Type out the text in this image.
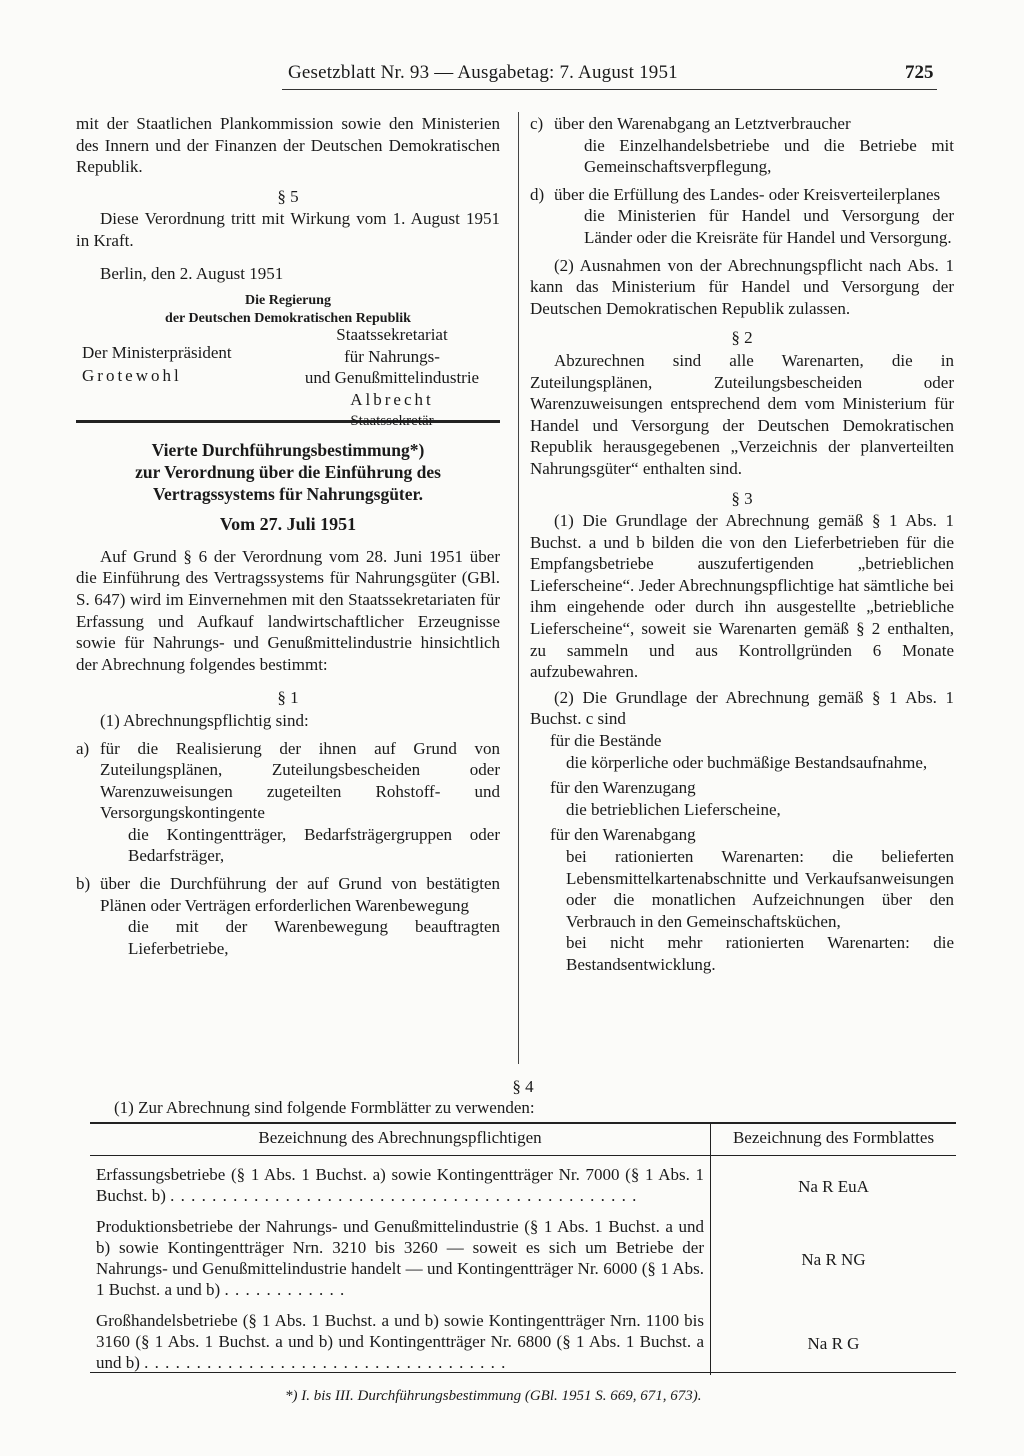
Gesetzblatt Nr. 93 — Ausgabetag: 7. August 1951	725

mit der Staatlichen Plankommission sowie den Ministerien des Innern und der Finanzen der Deutschen Demokratischen Republik.

§ 5

Diese Verordnung tritt mit Wirkung vom 1. August 1951 in Kraft.

Berlin, den 2. August 1951

Die Regierung
der Deutschen Demokratischen Republik
Der Ministerpräsident
Grotewohl
Staatssekretariat
für Nahrungs-
und Genußmittelindustrie
Albrecht
Staatssekretär
Vierte Durchführungsbestimmung*)
zur Verordnung über die Einführung des
Vertragssystems für Nahrungsgüter.
Vom 27. Juli 1951

Auf Grund § 6 der Verordnung vom 28. Juni 1951 über die Einführung des Vertragssystems für Nahrungsgüter (GBl. S. 647) wird im Einvernehmen mit den Staatssekretariaten für Erfassung und Aufkauf landwirtschaftlicher Erzeugnisse sowie für Nahrungs- und Genußmittelindustrie hinsichtlich der Abrechnung folgendes bestimmt:

§ 1

(1) Abrechnungspflichtig sind:

a) für die Realisierung der ihnen auf Grund von Zuteilungsplänen, Zuteilungsbescheiden oder Warenzuweisungen zugeteilten Rohstoff- und Versorgungskontingente

die Kontingentträger, Bedarfsträgergruppen oder Bedarfsträger,

b) über die Durchführung der auf Grund von bestätigten Plänen oder Verträgen erforderlichen Warenbewegung

die mit der Warenbewegung beauftragten Lieferbetriebe,

c) über den Warenabgang an Letztverbraucher

die Einzelhandelsbetriebe und die Betriebe mit Gemeinschaftsverpflegung,

d) über die Erfüllung des Landes- oder Kreisverteilerplanes

die Ministerien für Handel und Versorgung der Länder oder die Kreisräte für Handel und Versorgung.

(2) Ausnahmen von der Abrechnungspflicht nach Abs. 1 kann das Ministerium für Handel und Versorgung der Deutschen Demokratischen Republik zulassen.

§ 2

Abzurechnen sind alle Warenarten, die in Zuteilungsplänen, Zuteilungsbescheiden oder Warenzuweisungen entsprechend dem vom Ministerium für Handel und Versorgung der Deutschen Demokratischen Republik herausgegebenen „Verzeichnis der planverteilten Nahrungsgüter“ enthalten sind.

§ 3

(1) Die Grundlage der Abrechnung gemäß § 1 Abs. 1 Buchst. a und b bilden die von den Lieferbetrieben für die Empfangsbetriebe auszufertigenden „betrieblichen Lieferscheine“. Jeder Abrechnungspflichtige hat sämtliche bei ihm eingehende oder durch ihn ausgestellte „betriebliche Lieferscheine“, soweit sie Warenarten gemäß § 2 enthalten, zu sammeln und aus Kontrollgründen 6 Monate aufzubewahren.

(2) Die Grundlage der Abrechnung gemäß § 1 Abs. 1 Buchst. c sind

für die Bestände

die körperliche oder buchmäßige Bestandsaufnahme,

für den Warenzugang

die betrieblichen Lieferscheine,

für den Warenabgang

bei rationierten Warenarten: die belieferten Lebensmittelkartenabschnitte und Verkaufsanweisungen oder die monatlichen Aufzeichnungen über den Verbrauch in den Gemeinschaftsküchen,

bei nicht mehr rationierten Warenarten: die Bestandsentwicklung.

§ 4
(1) Zur Abrechnung sind folgende Formblätter zu verwenden:
Bezeichnung des Abrechnungspflichtigen	Bezeichnung des Formblattes
Erfassungsbetriebe (§ 1 Abs. 1 Buchst. a) sowie Kontingentträger Nr. 7000 (§ 1 Abs. 1 Buchst. b) . . . . . . . . . . . . . . . . . . . . . . . . . . . . . . . . . . . . . . . . . . . . .	Na R EuA
Produktionsbetriebe der Nahrungs- und Genußmittelindustrie (§ 1 Abs. 1 Buchst. a und b) sowie Kontingentträger Nrn. 3210 bis 3260 — soweit es sich um Betriebe der Nahrungs- und Genußmittelindustrie handelt — und Kontingentträger Nr. 6000 (§ 1 Abs. 1 Buchst. a und b) . . . . . . . . . . . .	Na R NG
Großhandelsbetriebe (§ 1 Abs. 1 Buchst. a und b) sowie Kontingentträger Nrn. 1100 bis 3160 (§ 1 Abs. 1 Buchst. a und b) und Kontingentträger Nr. 6800 (§ 1 Abs. 1 Buchst. a und b) . . . . . . . . . . . . . . . . . . . . . . . . . . . . . . . . . . .	Na R G
*) I. bis III. Durchführungsbestimmung (GBl. 1951 S. 669, 671, 673).
